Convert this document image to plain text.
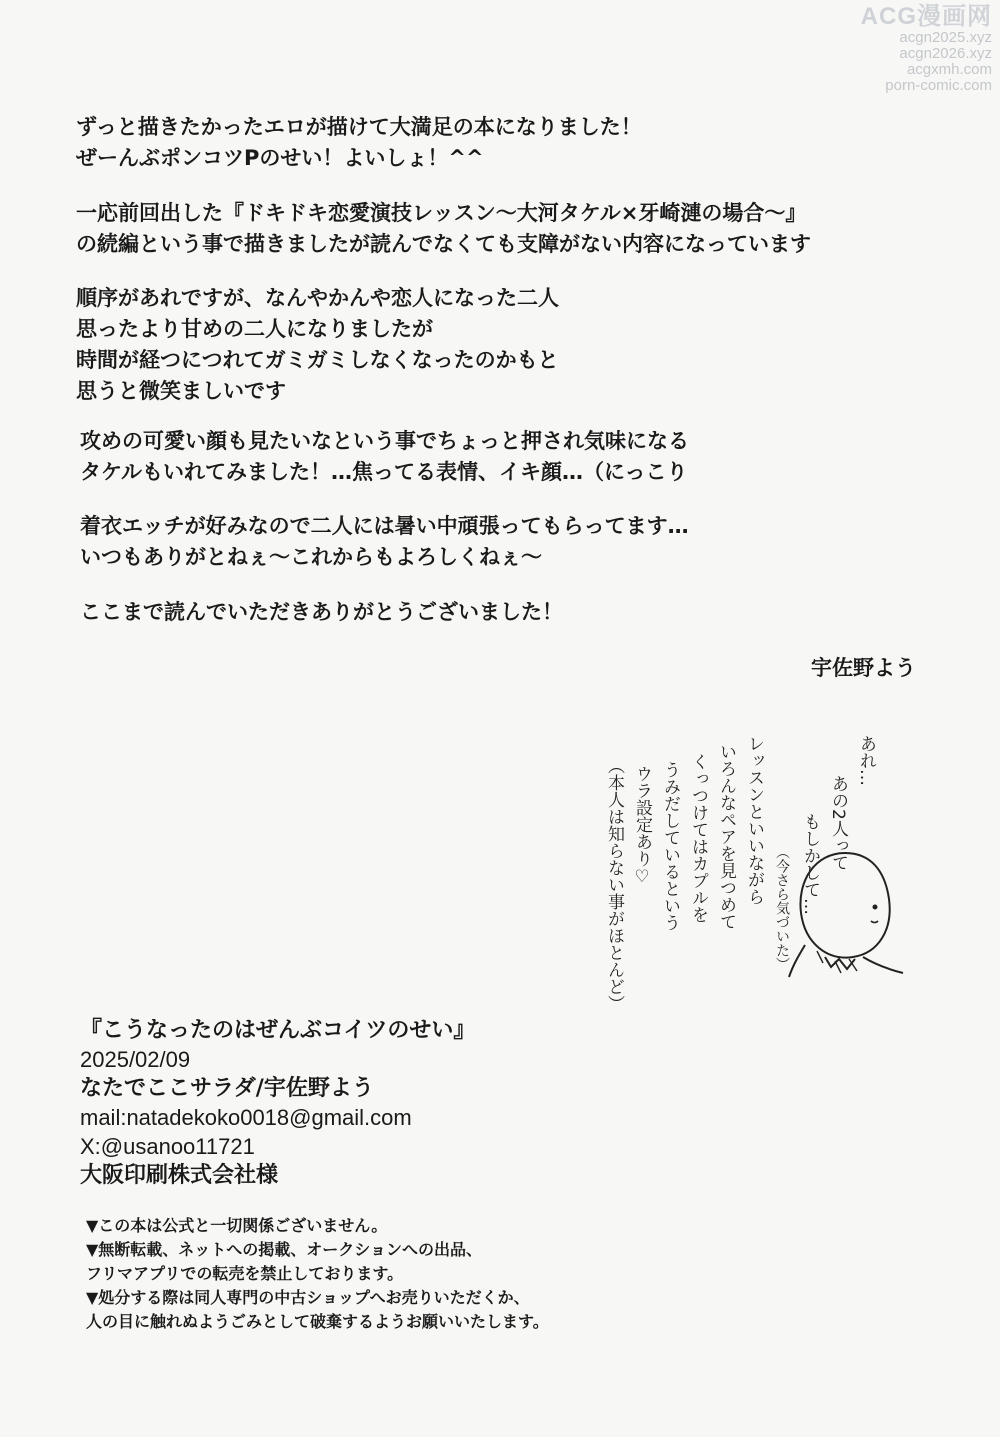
ACG漫画网
acgn2025.xyz
acgn2026.xyz
acgxmh.com
porn-comic.com
ずっと描きたかったエロが描けて大満足の本になりました！
ぜーんぶポンコツPのせい！よいしょ！^^
一応前回出した『ドキドキ恋愛演技レッスン〜大河タケル×牙崎漣の場合〜』
の続編という事で描きましたが読んでなくても支障がない内容になっています
順序があれですが、なんやかんや恋人になった二人
思ったより甘めの二人になりましたが
時間が経つにつれてガミガミしなくなったのかもと
思うと微笑ましいです
攻めの可愛い顔も見たいなという事でちょっと押され気味になる
タケルもいれてみました！…焦ってる表情、イキ顔…（にっこり
着衣エッチが好みなので二人には暑い中頑張ってもらってます…
いつもありがとねぇ〜これからもよろしくねぇ〜
ここまで読んでいただきありがとうございました！
宇佐野よう
あれ…
あの2人って
もしかして…
（今さら気づいた）
レッスンといいながら
いろんなペアを見つめて
くっつけてはカプルを
うみだしているという
ウラ設定あり♡
（本人は知らない事がほとんど）
『こうなったのはぜんぶコイツのせい』
2025/02/09
なたでここサラダ/宇佐野よう
mail:natadekoko0018@gmail.com
X:@usanoo11721
大阪印刷株式会社様
▼この本は公式と一切関係ございません。
▼無断転載、ネットへの掲載、オークションへの出品、
フリマアプリでの転売を禁止しております。
▼処分する際は同人専門の中古ショップへお売りいただくか、
人の目に触れぬようごみとして破棄するようお願いいたします。
